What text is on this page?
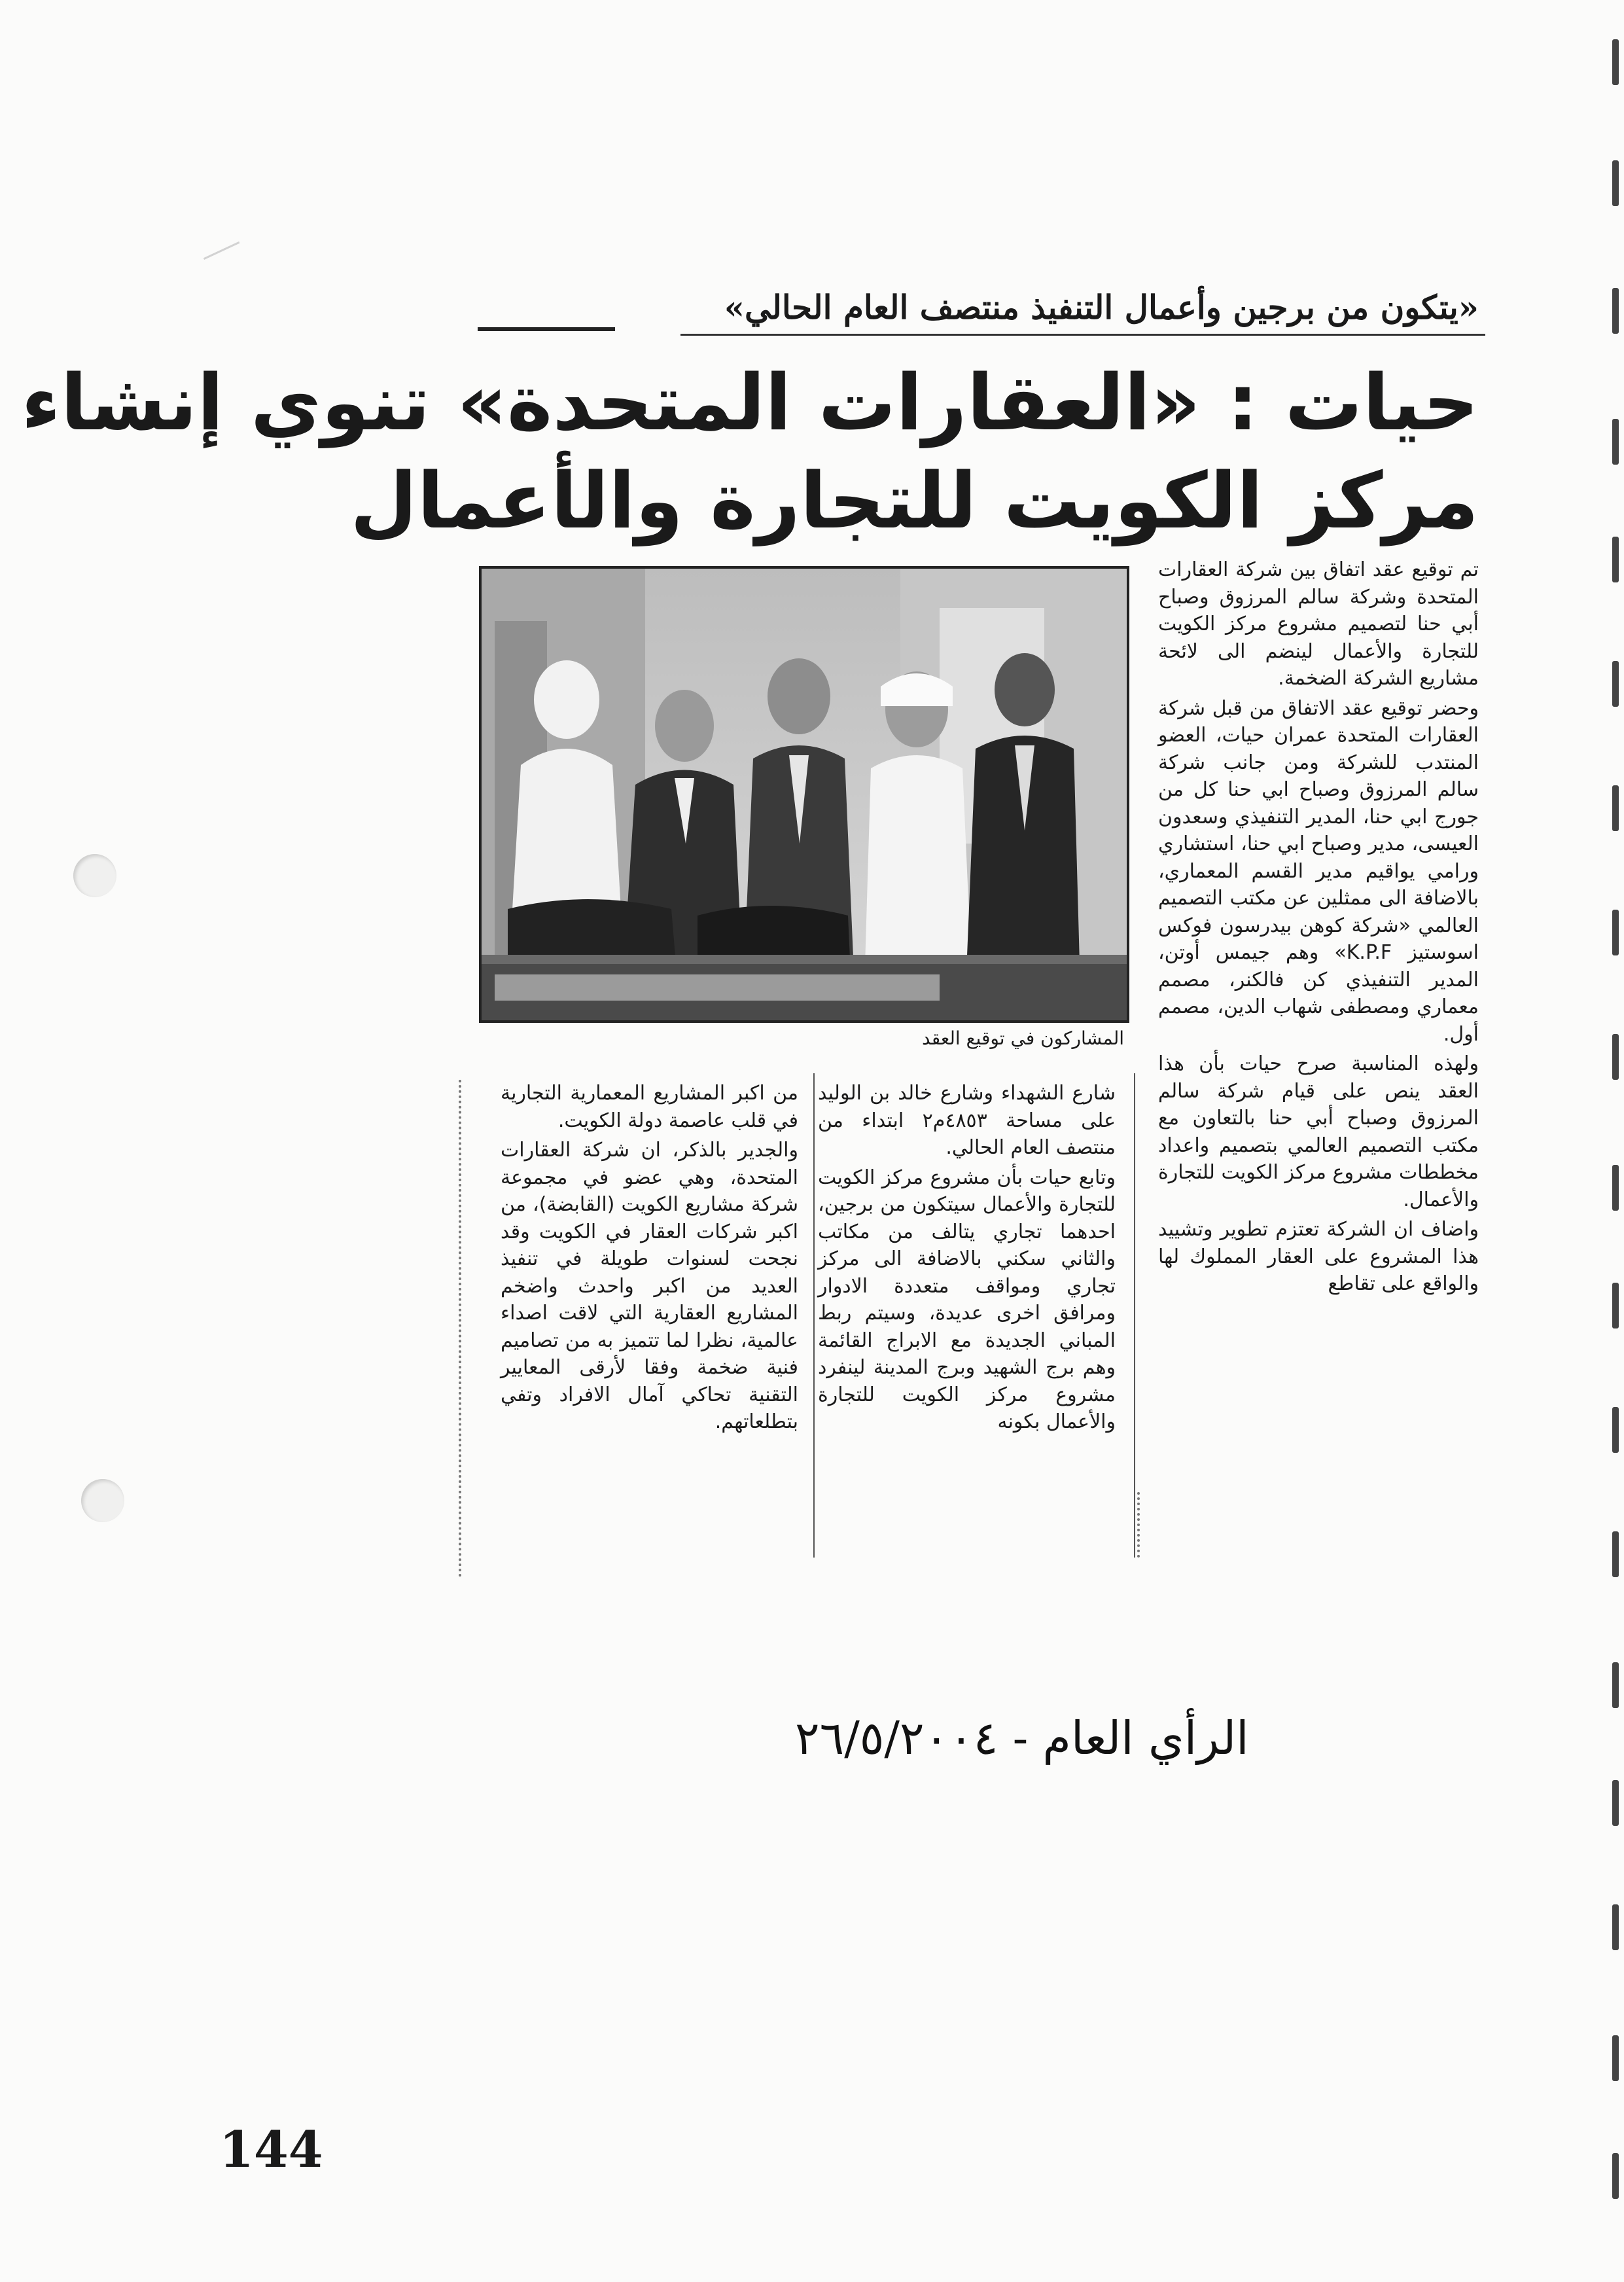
«يتكون من برجين وأعمال التنفيذ منتصف العام الحالي»
حيات : «العقارات المتحدة» تنوي إنشاء
مركز الكويت للتجارة والأعمال
المشاركون في توقيع العقد

تم توقيع عقد اتفاق بين شركة العقارات المتحدة وشركة سالم المرزوق وصباح أبي حنا لتصميم مشروع مركز الكويت للتجارة والأعمال لينضم الى لائحة مشاريع الشركة الضخمة.

وحضر توقيع عقد الاتفاق من قبل شركة العقارات المتحدة عمران حيات، العضو المنتدب للشركة ومن جانب شركة سالم المرزوق وصباح ابي حنا كل من جورج ابي حنا، المدير التنفيذي وسعدون العيسى، مدير وصباح ابي حنا، استشاري ورامي يواقيم مدير القسم المعماري، بالاضافة الى ممثلين عن مكتب التصميم العالمي «شركة كوهن بيدرسون فوكس اسوستيز K.P.F» وهم جيمس أوتن، المدير التنفيذي كن فالكنر، مصمم معماري ومصطفى شهاب الدين، مصمم أول.

ولهذه المناسبة صرح حيات بأن هذا العقد ينص على قيام شركة سالم المرزوق وصباح أبي حنا بالتعاون مع مكتب التصميم العالمي بتصميم واعداد مخططات مشروع مركز الكويت للتجارة والأعمال.

واضاف ان الشركة تعتزم تطوير وتشييد هذا المشروع على العقار المملوك لها والواقع على تقاطع

شارع الشهداء وشارع خالد بن الوليد على مساحة ٤٨٥٣م٢ ابتداء من منتصف العام الحالي.

وتابع حيات بأن مشروع مركز الكويت للتجارة والأعمال سيتكون من برجين، احدهما تجاري يتالف من مكاتب والثاني سكني بالاضافة الى مركز تجاري ومواقف متعددة الادوار ومرافق اخرى عديدة، وسيتم ربط المباني الجديدة مع الابراج القائمة وهم برج الشهيد وبرج المدينة لينفرد مشروع مركز الكويت للتجارة والأعمال بكونه

من اكبر المشاريع المعمارية التجارية في قلب عاصمة دولة الكويت.

والجدير بالذكر، ان شركة العقارات المتحدة، وهي عضو في مجموعة شركة مشاريع الكويت (القابضة)، من اكبر شركات العقار في الكويت وقد نجحت لسنوات طويلة في تنفيذ العديد من اكبر واحدث واضخم المشاريع العقارية التي لاقت اصداء عالمية، نظرا لما تتميز به من تصاميم فنية ضخمة وفقا لأرقى المعايير التقنية تحاكي آمال الافراد وتفي بتطلعاتهم.

الرأي العام - ٢٦/٥/٢٠٠٤
144
